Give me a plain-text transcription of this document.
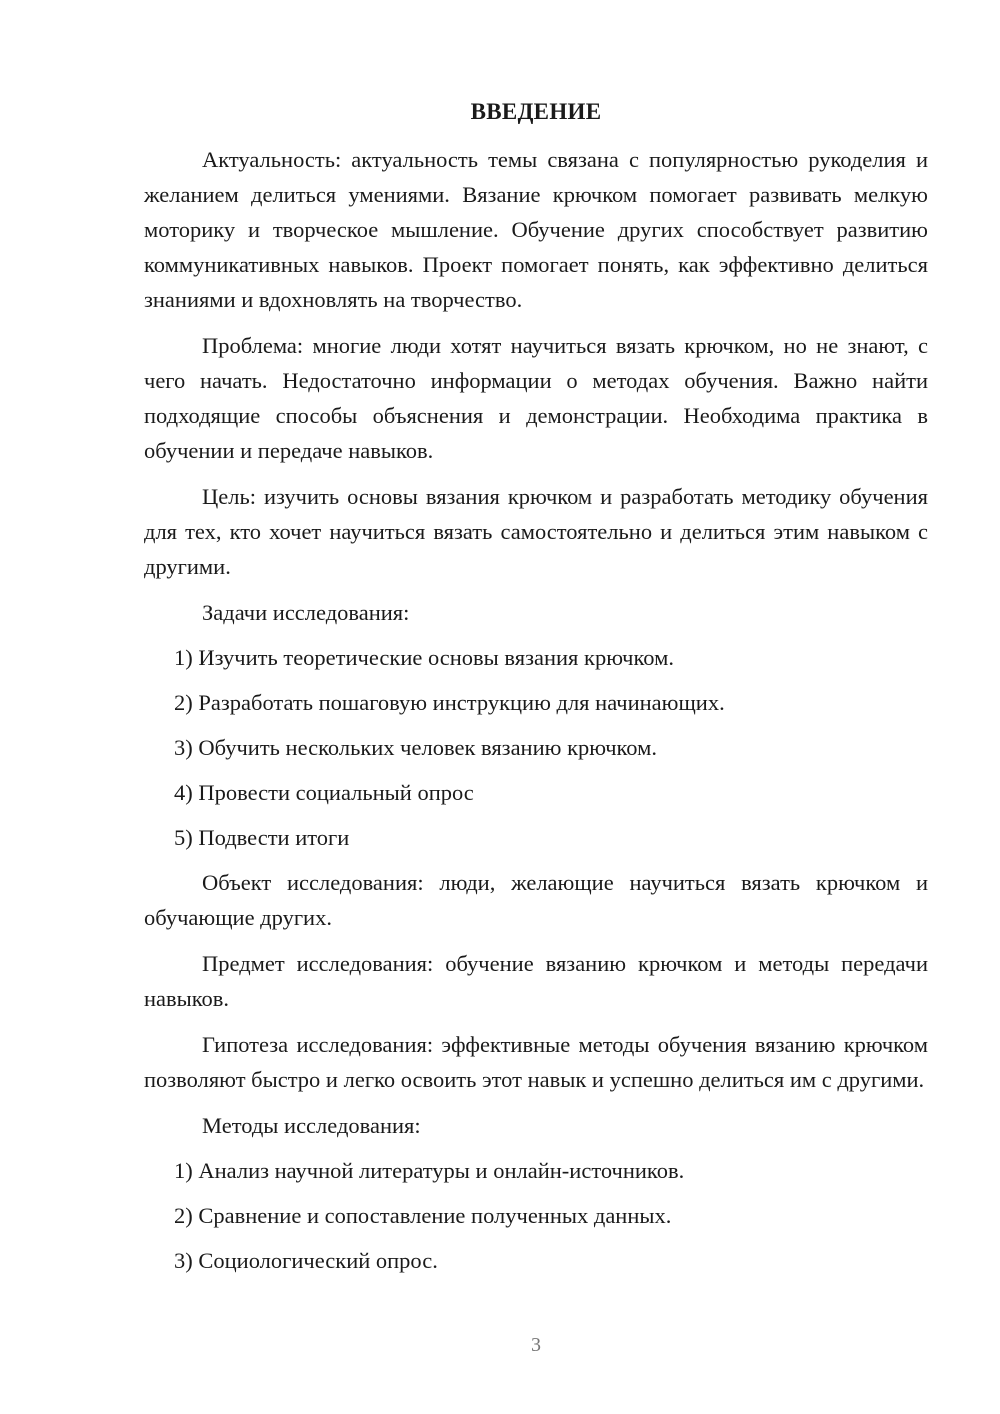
ВВЕДЕНИЕ

Актуальность: актуальность темы связана с популярностью рукоделия и желанием делиться умениями. Вязание крючком помогает развивать мелкую моторику и творческое мышление. Обучение других способствует развитию коммуникативных навыков. Проект помогает понять, как эффективно делиться знаниями и вдохновлять на творчество.

Проблема: многие люди хотят научиться вязать крючком, но не знают, с чего начать. Недостаточно информации о методах обучения. Важно найти подходящие способы объяснения и демонстрации. Необходима практика в обучении и передаче навыков.

Цель: изучить основы вязания крючком и разработать методику обучения для тех, кто хочет научиться вязать самостоятельно и делиться этим навыком с другими.

Задачи исследования:

1) Изучить теоретические основы вязания крючком.

2) Разработать пошаговую инструкцию для начинающих.

3) Обучить нескольких человек вязанию крючком.

4) Провести социальный опрос

5) Подвести итоги

Объект исследования: люди, желающие научиться вязать крючком и обучающие других.

Предмет исследования: обучение вязанию крючком и методы передачи навыков.

Гипотеза исследования: эффективные методы обучения вязанию крючком позволяют быстро и легко освоить этот навык и успешно делиться им с другими.

Методы исследования:

1) Анализ научной литературы и онлайн-источников.

2) Сравнение и сопоставление полученных данных.

3) Социологический опрос.

3
